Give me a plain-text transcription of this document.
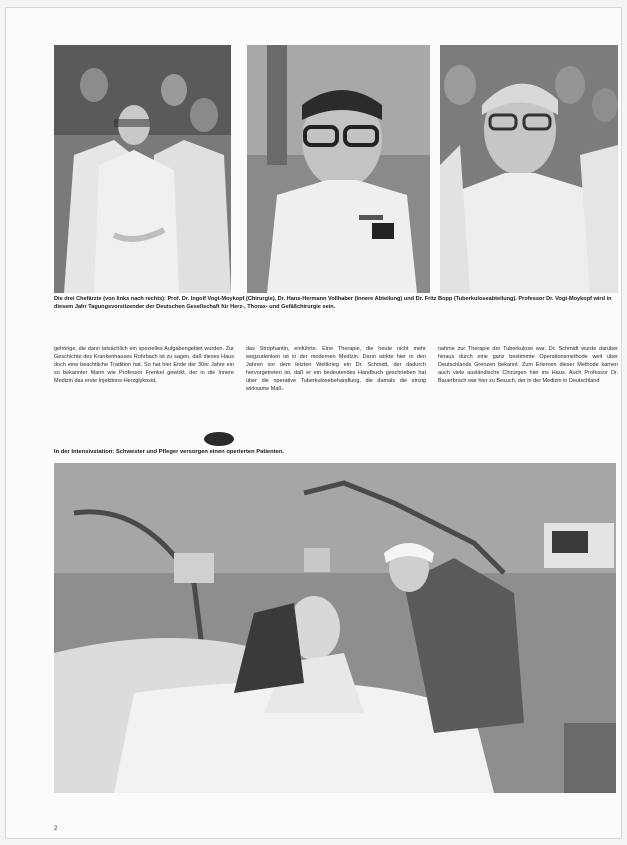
Die drei Chefärzte (von links nach rechts): Prof. Dr. Ingolf Vogt-Moykopf (Chirurgie), Dr. Hans-Hermann Vollhaber (Innere Abteilung) und Dr. Fritz Bopp (Tuberkuloseabteilung). Professor Dr. Vogt-Moykopf wird in diesem Jahr Tagungsvorsitzender der Deutschen Gesellschaft für Herz-, Thorax- und Gefäßchirurgie sein.
gehörige, die dann tatsächlich ein spezielles Aufgabengebiet wurden. Zur Geschichte des Krankenhauses Rohrbach ist zu sagen, daß dieses Haus doch eine beachtliche Tradition hat. So hat hier Ende der 30er Jahre ein so bekannter Mann wie Professor Frenkel gewirkt, der in die Innere Medizin das erste Injektions-Herzglykosid,
das Strophantin, einführte. Eine Therapie, die heute nicht mehr wegzudenken ist in der modernen Medizin. Dann wirkte hier in den Jahren vor dem letzten Weltkrieg ein Dr. Schmidt, der dadurch hervorgetreten ist, daß er ein bedeutendes Handbuch geschrieben hat über die operative Tuberkulosebehandlung, die damals die einzig wirksame Maß-
nahme zur Therapie der Tuberkulose war. Dr. Schmidt wurde darüber hinaus durch eine ganz bestimmte Operationsmethode weit über Deutschlands Grenzen bekannt. Zum Erlernen dieser Methode kamen auch viele ausländische Chirurgen hier ins Haus. Auch Professor Dr. Bauerbruch war hier zu Besuch, der in der Medizin in Deutschland
In der Intensivstation: Schwester und Pfleger versorgen einen operierten Patienten.
2
